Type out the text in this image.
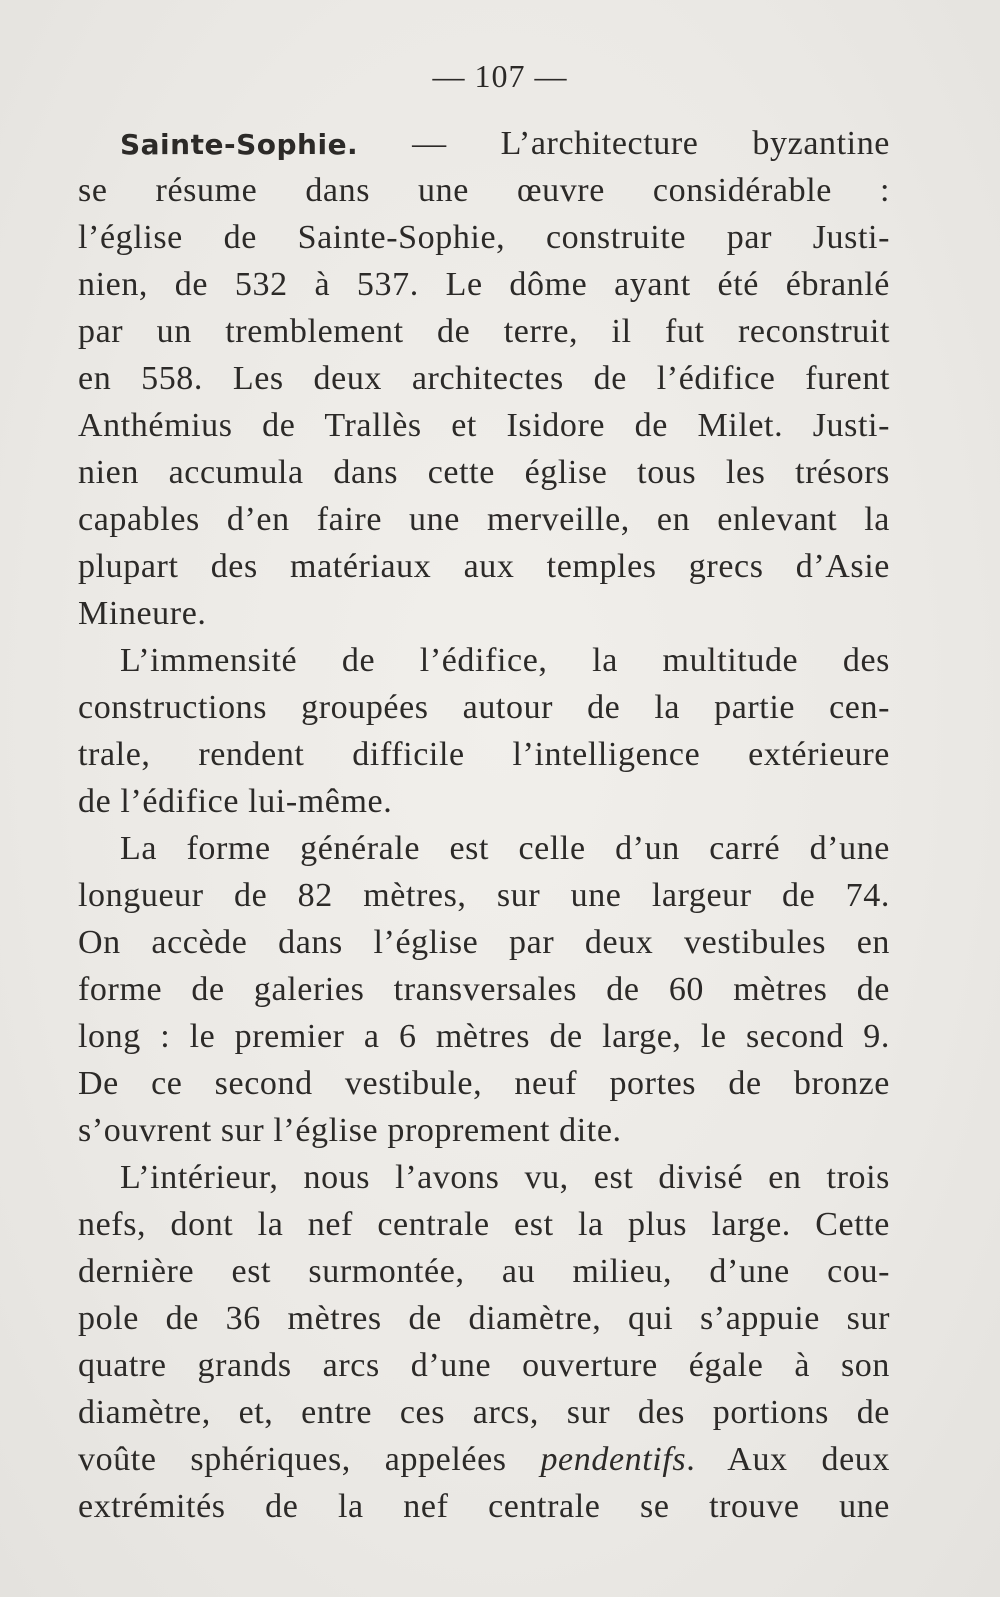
— 107 —
Sainte-Sophie. — L’architecture byzantine
se résume dans une œuvre considérable :
l’église de Sainte-Sophie, construite par Justi-
nien, de 532 à 537. Le dôme ayant été ébranlé
par un tremblement de terre, il fut reconstruit
en 558. Les deux architectes de l’édifice furent
Anthémius de Trallès et Isidore de Milet. Justi-
nien accumula dans cette église tous les trésors
capables d’en faire une merveille, en enlevant la
plupart des matériaux aux temples grecs d’Asie
Mineure.
L’immensité de l’édifice, la multitude des
constructions groupées autour de la partie cen-
trale, rendent difficile l’intelligence extérieure
de l’édifice lui-même.
La forme générale est celle d’un carré d’une
longueur de 82 mètres, sur une largeur de 74.
On accède dans l’église par deux vestibules en
forme de galeries transversales de 60 mètres de
long : le premier a 6 mètres de large, le second 9.
De ce second vestibule, neuf portes de bronze
s’ouvrent sur l’église proprement dite.
L’intérieur, nous l’avons vu, est divisé en trois
nefs, dont la nef centrale est la plus large. Cette
dernière est surmontée, au milieu, d’une cou-
pole de 36 mètres de diamètre, qui s’appuie sur
quatre grands arcs d’une ouverture égale à son
diamètre, et, entre ces arcs, sur des portions de
voûte sphériques, appelées pendentifs. Aux deux
extrémités de la nef centrale se trouve une
